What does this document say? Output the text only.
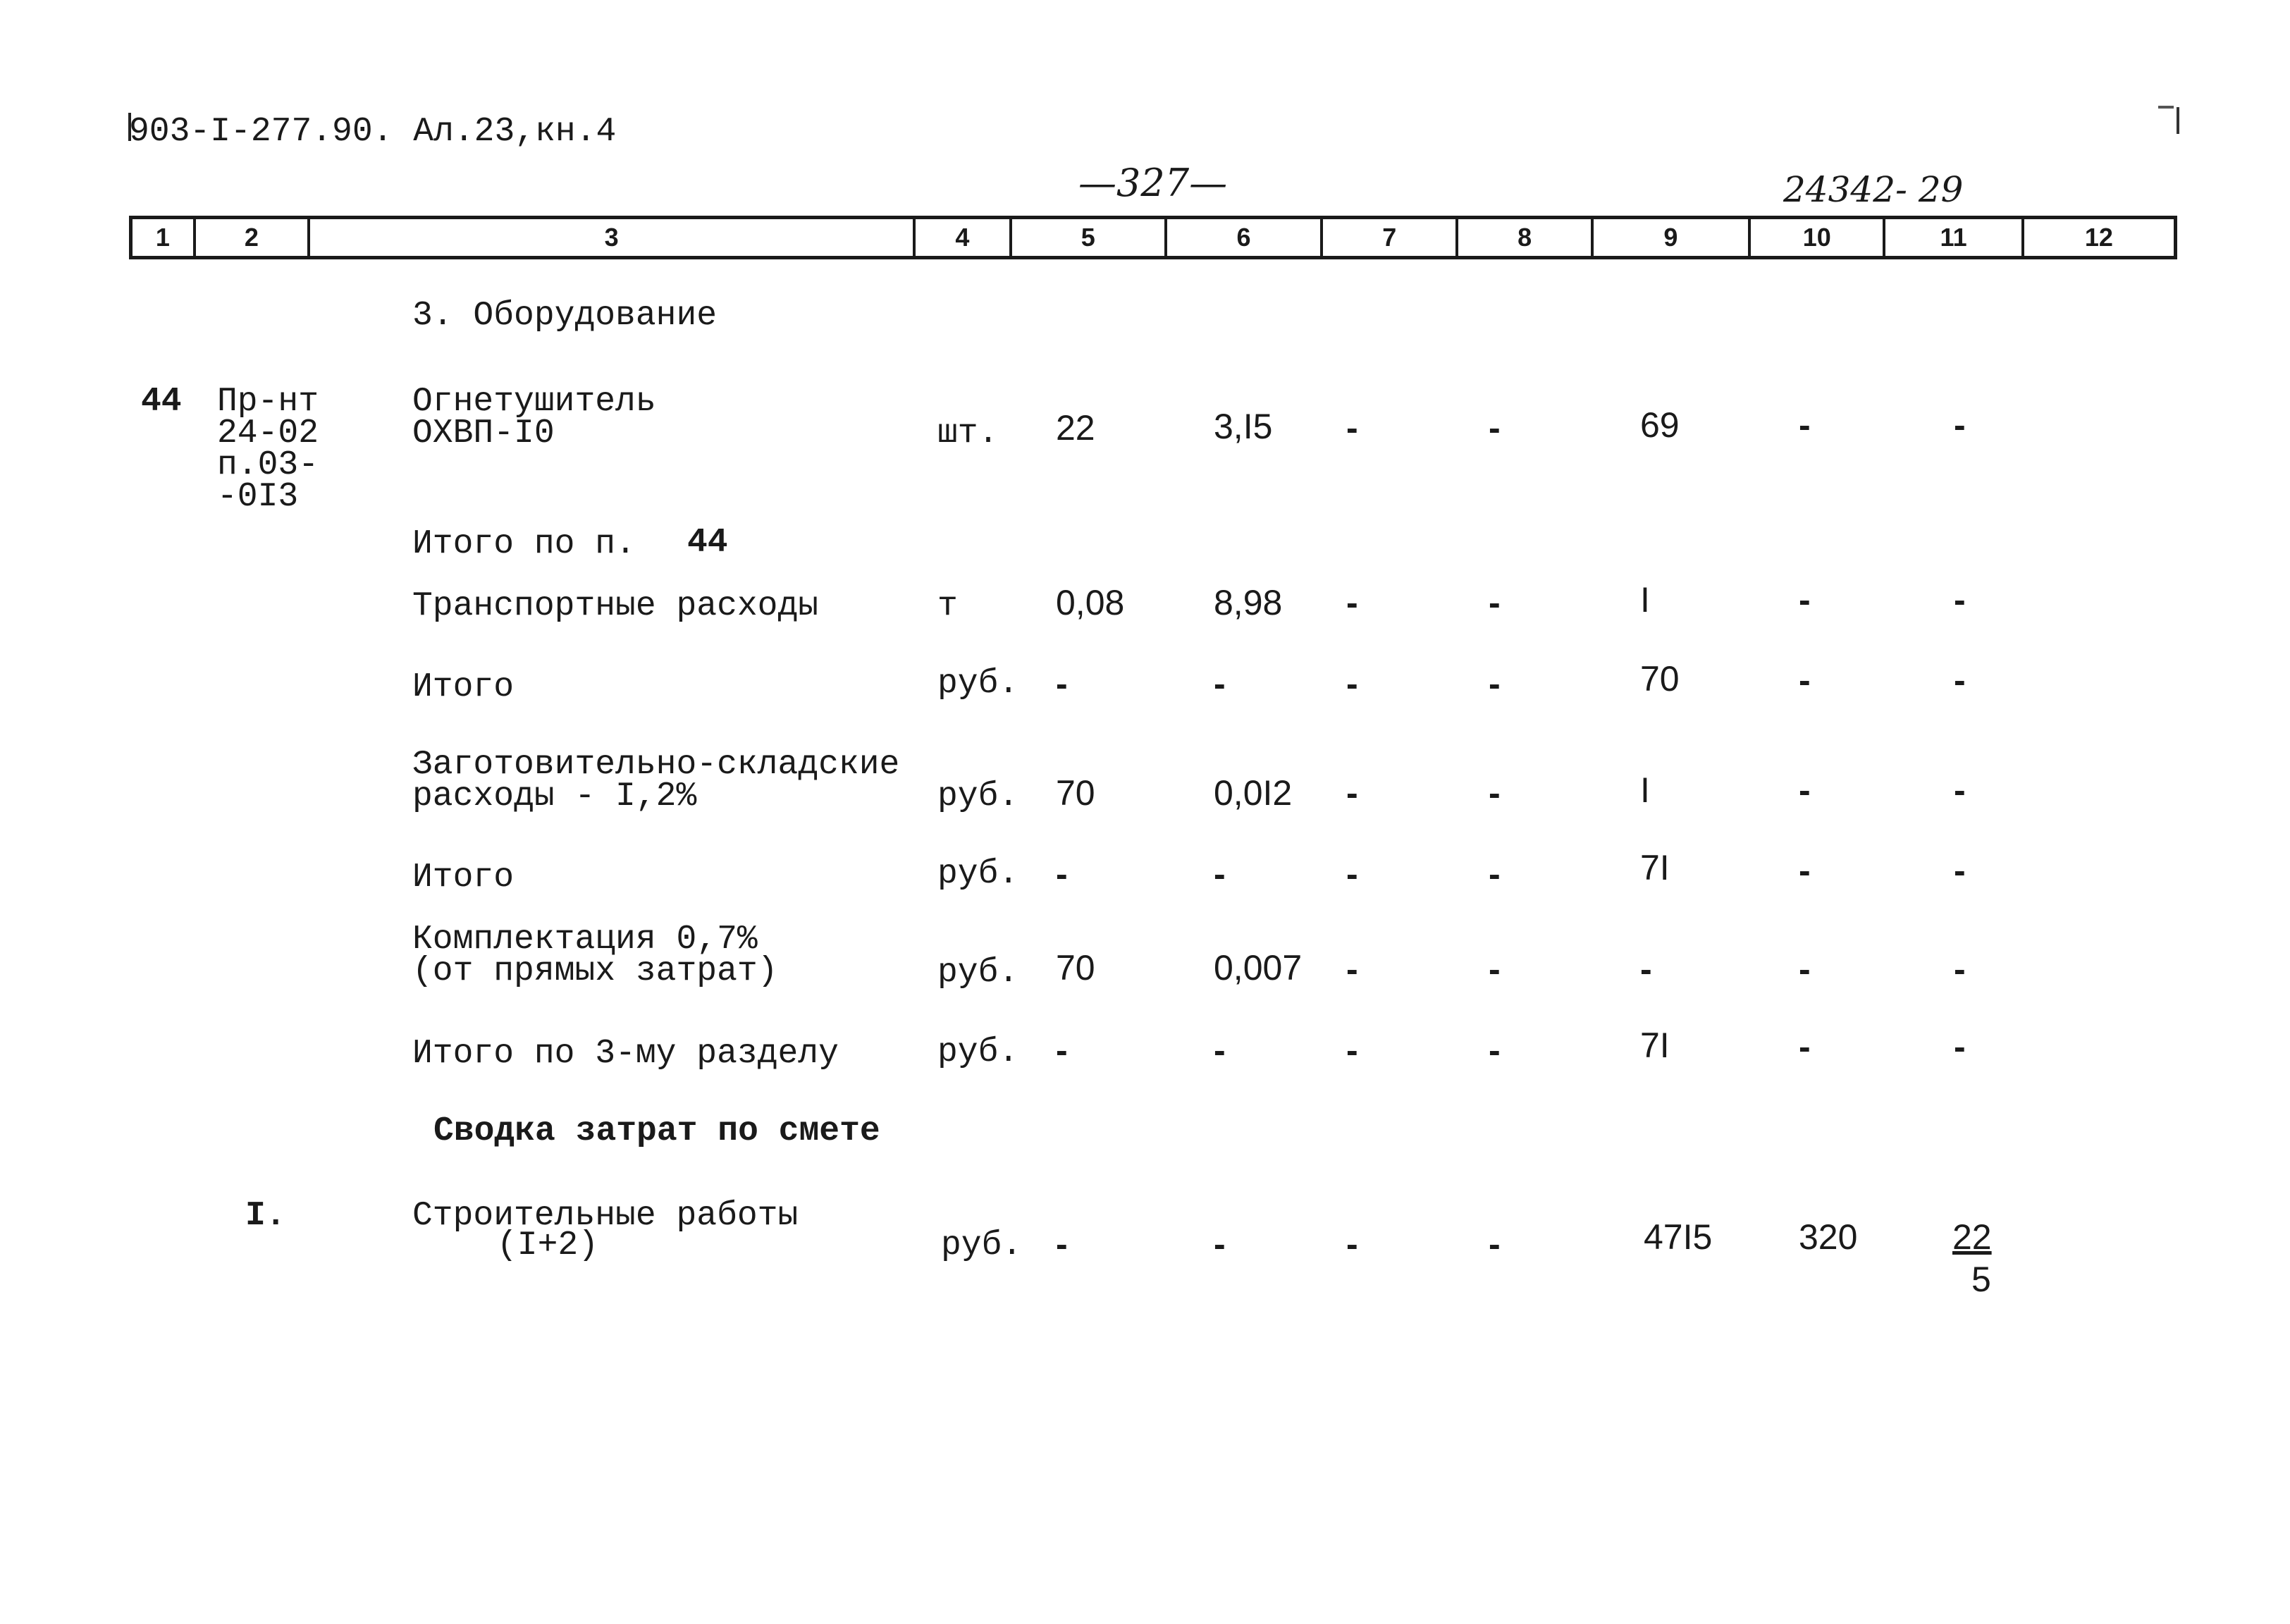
903-I-277.90. Ал.23,кн.4
—327—	24342- 29
1	2	3	4	5	6	7	8	9	10	11	12
3. Оборудование
44 Пр-нт
24-02
п.03-
-0I3
Огнетушитель
ОХВП-I0	шт. 22	3,I5 -	-	69	-	-
Итого по п. 44
Транспортные расходы	т	0,08	8,98 -	-	I	-	-
Итого	руб. -	-	-	-	70	-	-
Заготовительно-складские
расходы - I,2%	руб. 70	0,0I2 -	-	I	-	-
Итого	руб. -	-	-	-	7I	-	-
Комплектация 0,7%
(от прямых затрат)	руб. 70	0,007 -	-	-	-	-
Итого по 3-му разделу	руб. -	-	-	-	7I	-	-
Сводка затрат по смете
I.	Строительные работы
(I+2)	руб. -	-	-	-	47I5 320	22
5
